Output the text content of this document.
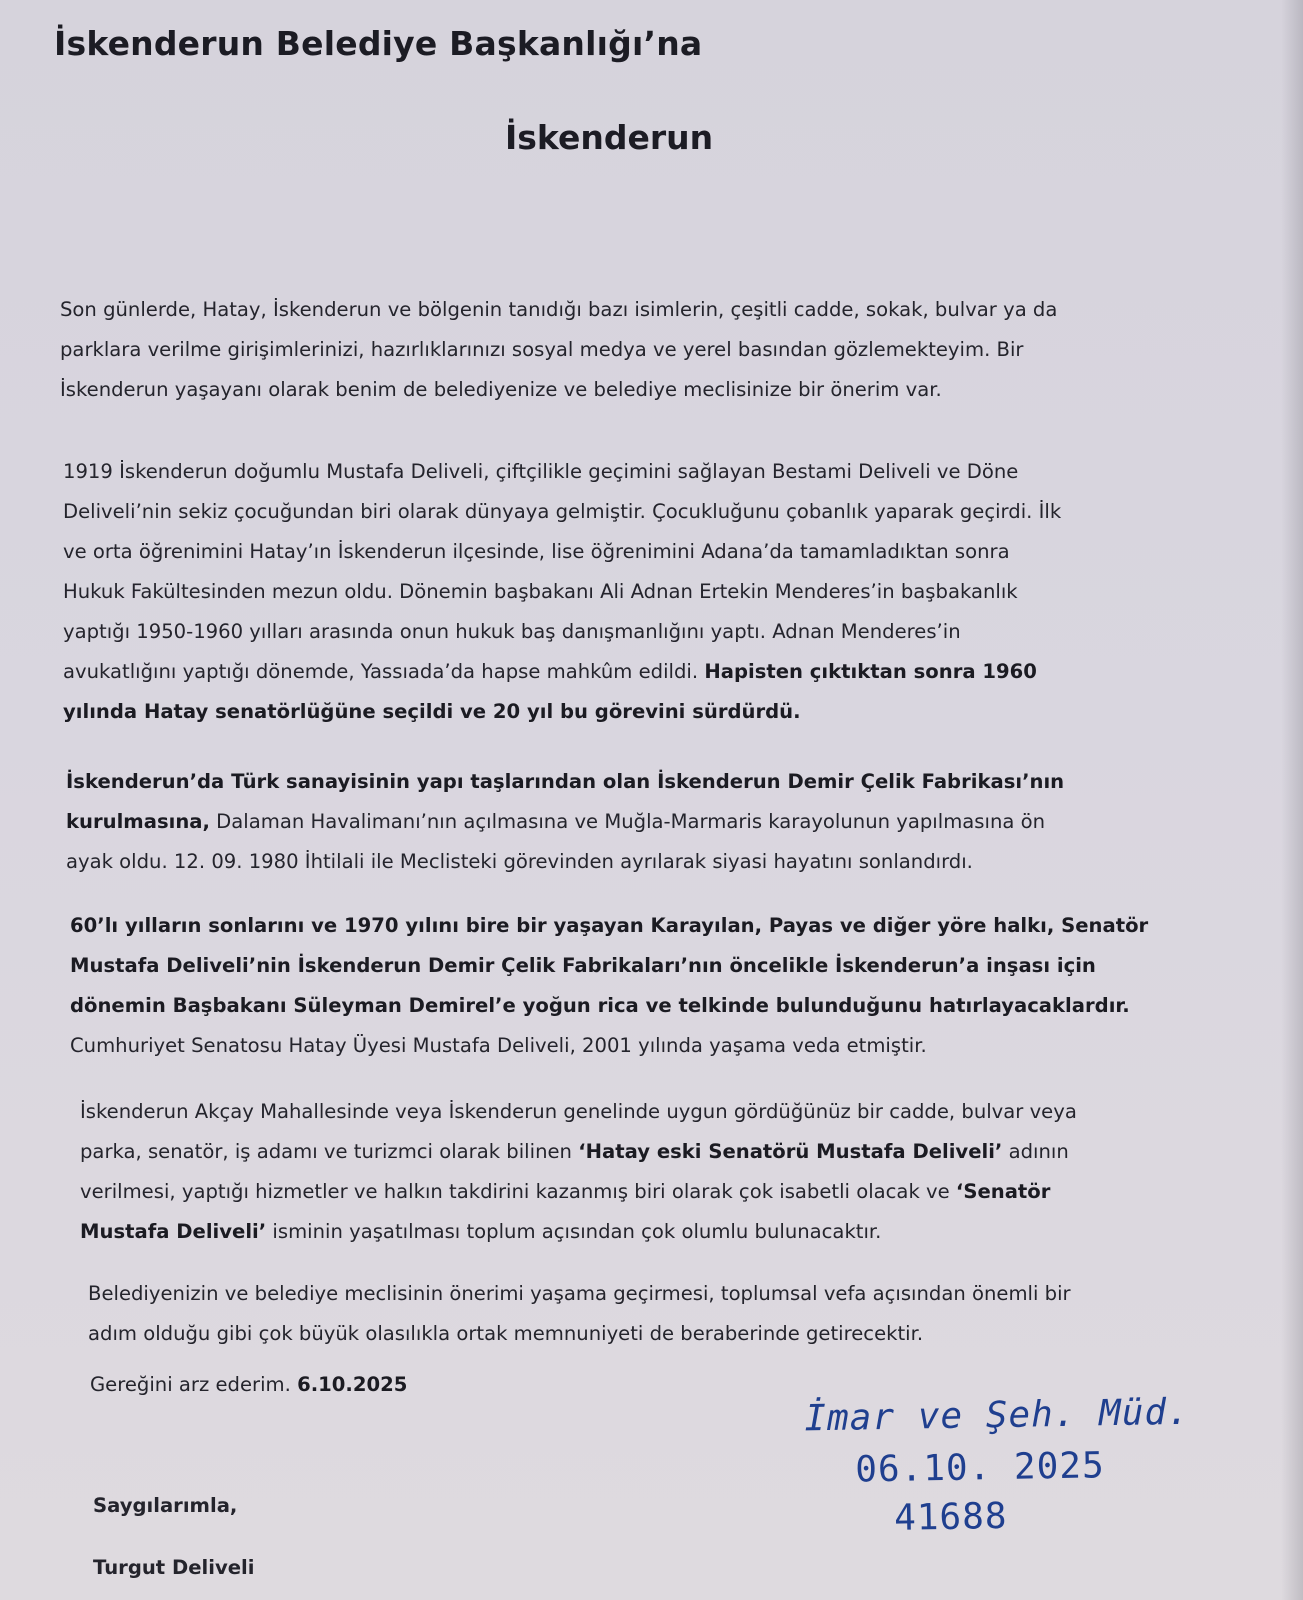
İskenderun Belediye Başkanlığı’na
İskenderun

Son günlerde, Hatay, İskenderun ve bölgenin tanıdığı bazı isimlerin, çeşitli cadde, sokak, bulvar ya da
parklara verilme girişimlerinizi, hazırlıklarınızı sosyal medya ve yerel basından gözlemekteyim. Bir
İskenderun yaşayanı olarak benim de belediyenize ve belediye meclisinize bir önerim var.

1919 İskenderun doğumlu Mustafa Deliveli, çiftçilikle geçimini sağlayan Bestami Deliveli ve Döne
Deliveli’nin sekiz çocuğundan biri olarak dünyaya gelmiştir. Çocukluğunu çobanlık yaparak geçirdi. İlk
ve orta öğrenimini Hatay’ın İskenderun ilçesinde, lise öğrenimini Adana’da tamamladıktan sonra
Hukuk Fakültesinden mezun oldu. Dönemin başbakanı Ali Adnan Ertekin Menderes’in başbakanlık
yaptığı 1950-1960 yılları arasında onun hukuk baş danışmanlığını yaptı. Adnan Menderes’in
avukatlığını yaptığı dönemde, Yassıada’da hapse mahkûm edildi. Hapisten çıktıktan sonra 1960
yılında Hatay senatörlüğüne seçildi ve 20 yıl bu görevini sürdürdü.

İskenderun’da Türk sanayisinin yapı taşlarından olan İskenderun Demir Çelik Fabrikası’nın
kurulmasına, Dalaman Havalimanı’nın açılmasına ve Muğla-Marmaris karayolunun yapılmasına ön
ayak oldu. 12. 09. 1980 İhtilali ile Meclisteki görevinden ayrılarak siyasi hayatını sonlandırdı.

60’lı yılların sonlarını ve 1970 yılını bire bir yaşayan Karayılan, Payas ve diğer yöre halkı, Senatör
Mustafa Deliveli’nin İskenderun Demir Çelik Fabrikaları’nın öncelikle İskenderun’a inşası için
dönemin Başbakanı Süleyman Demirel’e yoğun rica ve telkinde bulunduğunu hatırlayacaklardır.
Cumhuriyet Senatosu Hatay Üyesi Mustafa Deliveli, 2001 yılında yaşama veda etmiştir.

İskenderun Akçay Mahallesinde veya İskenderun genelinde uygun gördüğünüz bir cadde, bulvar veya
parka, senatör, iş adamı ve turizmci olarak bilinen ‘Hatay eski Senatörü Mustafa Deliveli’ adının
verilmesi, yaptığı hizmetler ve halkın takdirini kazanmış biri olarak çok isabetli olacak ve ‘Senatör
Mustafa Deliveli’ isminin yaşatılması toplum açısından çok olumlu bulunacaktır.

Belediyenizin ve belediye meclisinin önerimi yaşama geçirmesi, toplumsal vefa açısından önemli bir
adım olduğu gibi çok büyük olasılıkla ortak memnuniyeti de beraberinde getirecektir.

Gereğini arz ederim. 6.10.2025

Saygılarımla,

Turgut Deliveli

İmar ve Şeh. Müd.
06.10. 2025
41688
